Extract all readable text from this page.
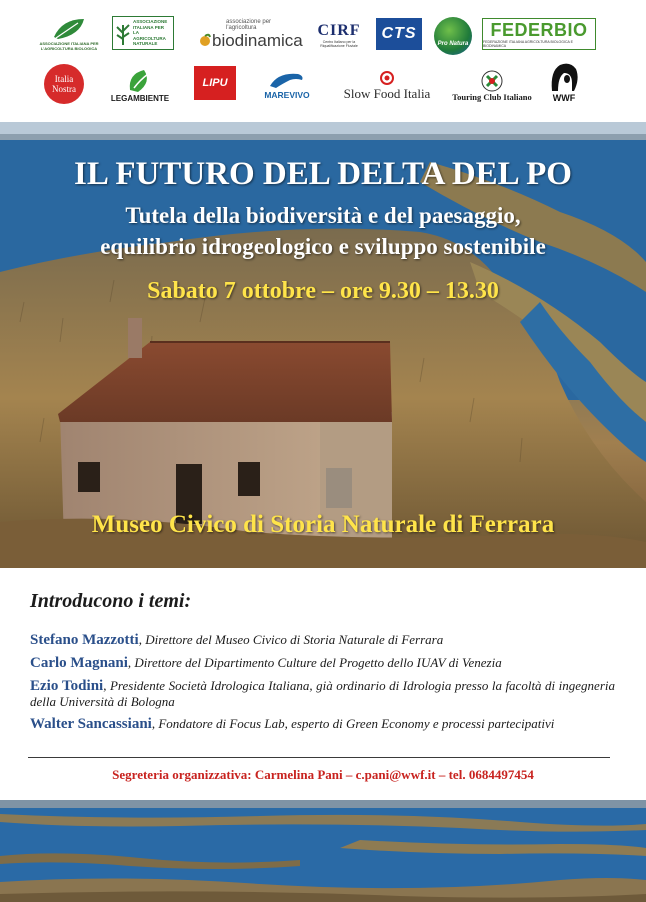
ASSOCIAZIONE ITALIANA PER L'AGRICOLTURA BIOLOGICA
ASSOCIAZIONE ITALIANA PER LA AGRICOLTURA NATURALE
associazione per l'agricoltura
biodinamica
CIRF
Centro Italiano per la Riqualificazione Fluviale
CTS
Pro Natura
FEDERBIO
FEDERAZIONE ITALIANA AGRICOLTURA BIOLOGICA E BIODINAMICA
Italia Nostra
LEGAMBIENTE
LIPU
MAREVIVO	Slow Food Italia	Touring Club Italiano WWF
IL FUTURO DEL DELTA DEL PO
Tutela della biodiversità e del paesaggio,
equilibrio idrogeologico e sviluppo sostenibile
Sabato 7 ottobre – ore 9.30 – 13.30
Museo Civico di Storia Naturale di Ferrara
Introducono i temi:
Stefano Mazzotti, Direttore del Museo Civico di Storia Naturale di Ferrara
Carlo Magnani, Direttore del Dipartimento Culture del Progetto dello IUAV di Venezia
Ezio Todini, Presidente Società Idrologica Italiana, già ordinario di Idrologia presso la facoltà di ingegneria della Università di Bologna
Walter Sancassiani, Fondatore di Focus Lab, esperto di Green Economy e processi partecipativi
Segreteria organizzativa: Carmelina Pani – c.pani@wwf.it – tel. 0684497454
